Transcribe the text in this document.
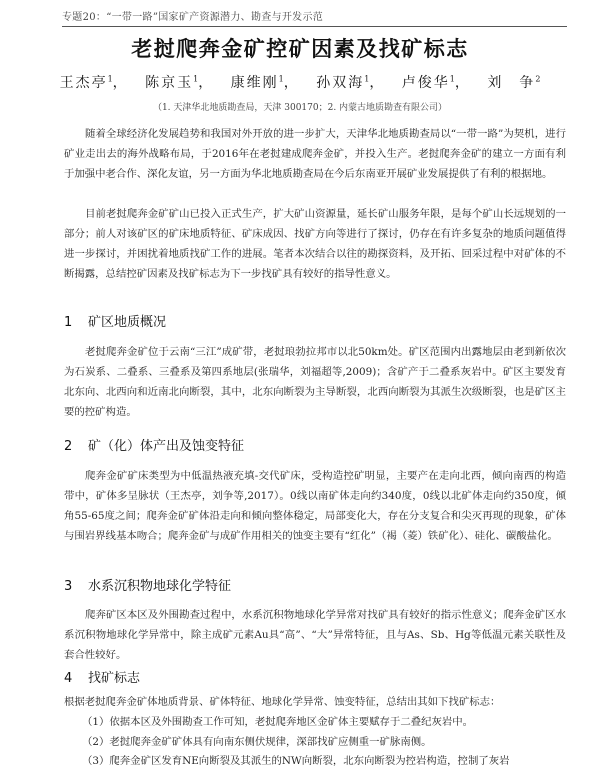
专题20：“一带一路”国家矿产资源潜力、勘查与开发示范
老挝爬奔金矿控矿因素及找矿标志
王杰亭$^1$， 陈京玉$^1$， 康维刚$^1$， 孙双海$^1$， 卢俊华$^1$， 刘　争$^2$
（1. 天津华北地质勘查局，天津 300170；2. 内蒙古地质勘查有限公司）

随着全球经济化发展趋势和我国对外开放的进一步扩大，天津华北地质勘查局以“一带一路”为契机，进行矿业走出去的海外战略布局，于2016年在老挝建成爬奔金矿，并投入生产。老挝爬奔金矿的建立一方面有利于加强中老合作、深化友谊，另一方面为华北地质勘查局在今后东南亚开展矿业发展提供了有利的根据地。

目前老挝爬奔金矿矿山已投入正式生产，扩大矿山资源量，延长矿山服务年限，是每个矿山长远规划的一部分；前人对该矿区的矿床地质特征、矿床成因、找矿方向等进行了探讨，仍存在有许多复杂的地质问题值得进一步探讨，并困扰着地质找矿工作的进展。笔者本次结合以往的勘探资料，及开拓、回采过程中对矿体的不断揭露，总结控矿因素及找矿标志为下一步找矿具有较好的指导性意义。

1 矿区地质概况

老挝爬奔金矿位于云南“三江”成矿带，老挝琅勃拉邦市以北50km处。矿区范围内出露地层由老到新依次为石炭系、二叠系、三叠系及第四系地层(张瑞华，刘福超等,2009)；含矿产于二叠系灰岩中。矿区主要发育北东向、北西向和近南北向断裂，其中，北东向断裂为主导断裂，北西向断裂为其派生次级断裂，也是矿区主要的控矿构造。

2 矿（化）体产出及蚀变特征

爬奔金矿矿床类型为中低温热液充填-交代矿床，受构造控矿明显，主要产在走向北西，倾向南西的构造带中，矿体多呈脉状（王杰亭，刘争等,2017）。0线以南矿体走向约340度，0线以北矿体走向约350度，倾角55-65度之间；爬奔金矿矿体沿走向和倾向整体稳定，局部变化大，存在分支复合和尖灭再现的现象，矿体与围岩界线基本吻合；爬奔金矿与成矿作用相关的蚀变主要有“红化”（褐（菱）铁矿化）、硅化、碳酸盐化。

3 水系沉积物地球化学特征

爬奔矿区本区及外围勘查过程中，水系沉积物地球化学异常对找矿具有较好的指示性意义；爬奔金矿区水系沉积物地球化学异常中，除主成矿元素Au具“高”、“大”异常特征，且与As、Sb、Hg等低温元素关联性及套合性较好。

4 找矿标志

根据老挝爬奔金矿体地质背景、矿体特征、地球化学异常、蚀变特征，总结出其如下找矿标志：

（1）依据本区及外围勘查工作可知，老挝爬奔地区金矿体主要赋存于二叠纪灰岩中。

（2）老挝爬奔金矿矿体具有向南东侧伏规律，深部找矿应侧重一矿脉南侧。

（3）爬奔金矿区发育NE向断裂及其派生的NW向断裂，北东向断裂为控岩构造，控制了灰岩
